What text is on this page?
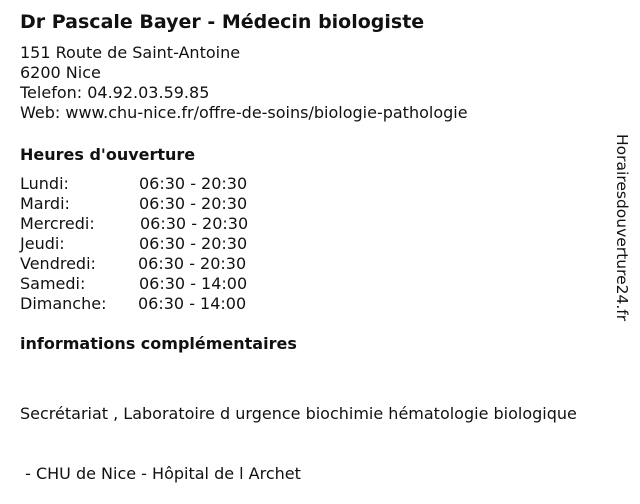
Dr Pascale Bayer - Médecin biologiste
151 Route de Saint-Antoine
6200 Nice
Telefon: 04.92.03.59.85
Web: www.chu-nice.fr/offre-de-soins/biologie-pathologie
Heures d'ouverture
Lundi:	06:30 - 20:30
Mardi:	06:30 - 20:30
Mercredi:	06:30 - 20:30
Jeudi:	06:30 - 20:30
Vendredi:	06:30 - 20:30
Samedi:	06:30 - 14:00
Dimanche: 06:30 - 14:00
informations complémentaires

Secrétariat , Laboratoire d urgence biochimie hématologie biologique

- CHU de Nice - Hôpital de l Archet

Horairesdouverture24.fr
